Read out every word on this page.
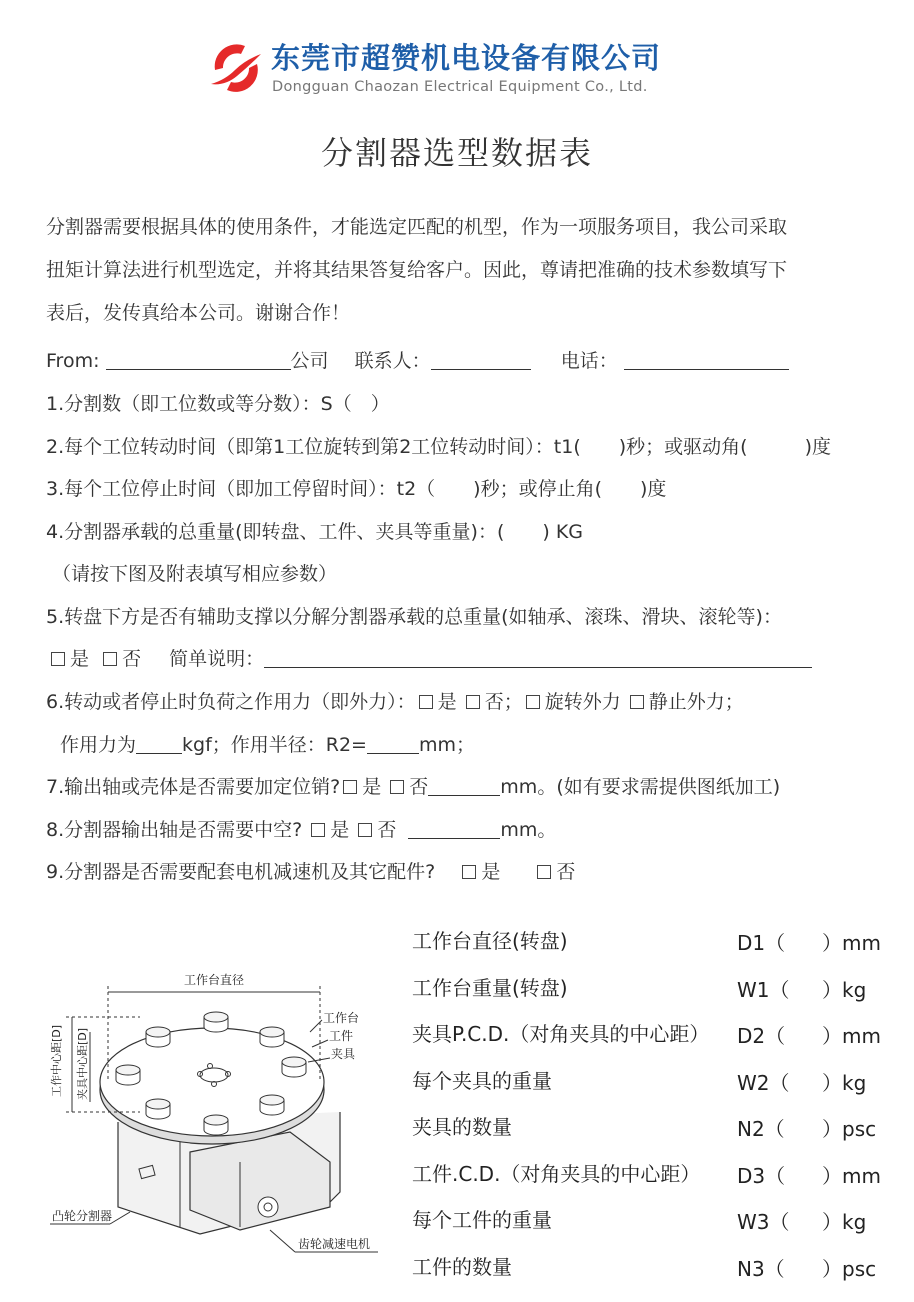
东莞市超赞机电设备有限公司
Dongguan Chaozan Electrical Equipment Co., Ltd.
分割器选型数据表
分割器需要根据具体的使用条件，才能选定匹配的机型，作为一项服务项目，我公司采取
扭矩计算法进行机型选定，并将其结果答复给客户。因此，尊请把准确的技术参数填写下
表后，发传真给本公司。谢谢合作！
From:	公司 联系人：	电话：
1.分割数（即工位数或等分数）：S（　）
2.每个工位转动时间（即第1工位旋转到第2工位转动时间）：t1(　　)秒；或驱动角(　　　)度
3.每个工位停止时间（即加工停留时间）：t2（　　)秒；或停止角(　　)度
4.分割器承载的总重量(即转盘、工件、夹具等重量)：(　　) KG
（请按下图及附表填写相应参数）
5.转盘下方是否有辅助支撑以分解分割器承载的总重量(如轴承、滚珠、滑块、滚轮等)：
是 否 简单说明：
6.转动或者停止时负荷之作用力（即外力）： 是 否； 旋转外力 静止外力；
作用力为 kgf；作用半径：R2=	mm；
7.输出轴或壳体是否需要加定位销? 是 否	mm。(如有要求需提供图纸加工)
8.分割器输出轴是否需要中空? 是 否	mm。
9.分割器是否需要配套电机减速机及其它配件? 是	否
工作台直径
工作中心距[D] 夹具中心距[D]
工作台
工件
夹具
凸轮分割器
齿轮减速电机
工作台直径(转盘)	D1（ ）mm
工作台重量(转盘)	W1（ ）kg
夹具P.C.D.（对角夹具的中心距） D2（ ）mm
每个夹具的重量	W2（ ）kg
夹具的数量	N2（ ）psc
工件.C.D.（对角夹具的中心距） D3（ ）mm
每个工件的重量	W3（ ）kg
工件的数量	N3（ ）psc
